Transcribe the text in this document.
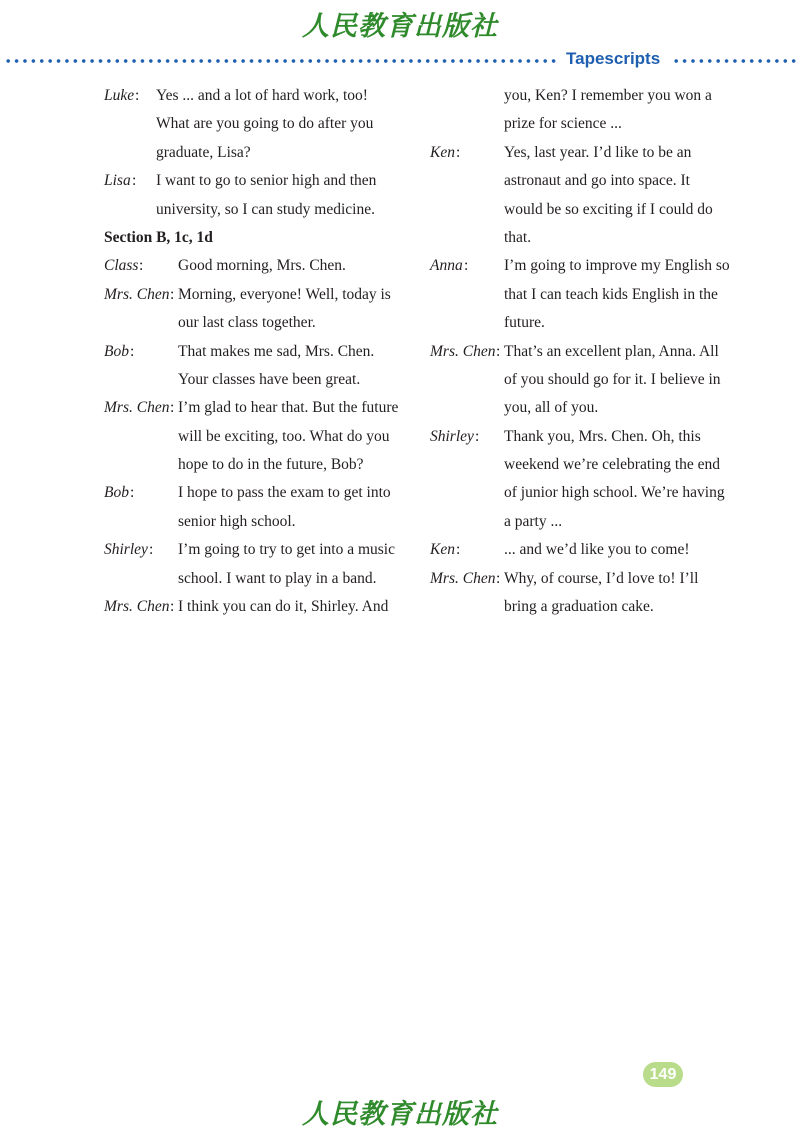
人民教育出版社
Tapescripts
Luke : Yes ... and a lot of hard work, too!
What are you going to do after you
graduate, Lisa?
Lisa : I want to go to senior high and then
university, so I can study medicine.
Section B, 1c, 1d
Class : Good morning, Mrs. Chen.
Mrs. Chen : Morning, everyone! Well, today is
our last class together.
Bob :	That makes me sad, Mrs. Chen.
Your classes have been great.
Mrs. Chen : I’m glad to hear that. But the future
will be exciting, too. What do you
hope to do in the future, Bob?
Bob :	I hope to pass the exam to get into
senior high school.
Shirley : I’m going to try to get into a music
school. I want to play in a band.
Mrs. Chen : I think you can do it, Shirley. And
you, Ken? I remember you won a
prize for science ...
Ken :	Yes, last year. I’d like to be an
astronaut and go into space. It
would be so exciting if I could do
that.
Anna : I’m going to improve my English so
that I can teach kids English in the
future.
Mrs. Chen : That’s an excellent plan, Anna. All
of you should go for it. I believe in
you, all of you.
Shirley : Thank you, Mrs. Chen. Oh, this
weekend we’re celebrating the end
of junior high school. We’re having
a party ...
Ken :	... and we’d like you to come!
Mrs. Chen : Why, of course, I’d love to! I’ll
bring a graduation cake.
149
人民教育出版社
